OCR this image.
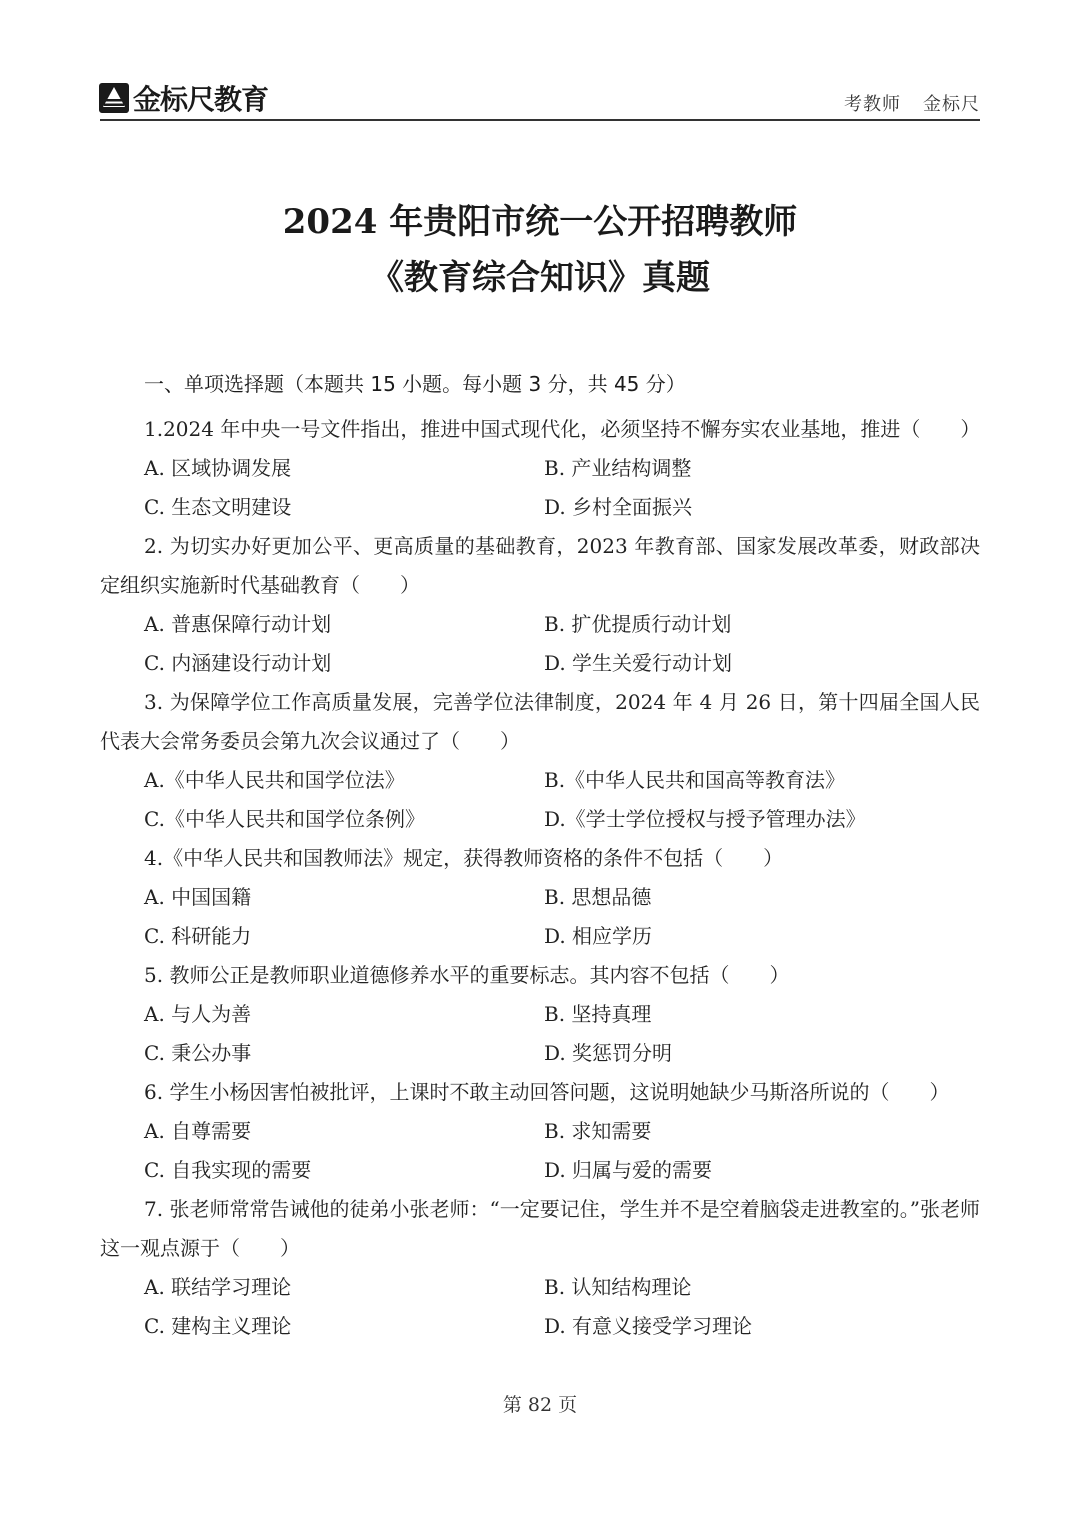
金标尺教育	考教师 金标尺
2024 年贵阳市统一公开招聘教师
《教育综合知识》真题
一、单项选择题（本题共 15 小题。每小题 3 分，共 45 分）
1.2024 年中央一号文件指出，推进中国式现代化，必须坚持不懈夯实农业基地，推进（　　）
A. 区域协调发展	B. 产业结构调整
C. 生态文明建设	D. 乡村全面振兴
2. 为切实办好更加公平、更高质量的基础教育，2023 年教育部、国家发展改革委，财政部决定组织实施新时代基础教育（　　）
A. 普惠保障行动计划	B. 扩优提质行动计划
C. 内涵建设行动计划	D. 学生关爱行动计划
3. 为保障学位工作高质量发展，完善学位法律制度，2024 年 4 月 26 日，第十四届全国人民代表大会常务委员会第九次会议通过了（　　）
A.《中华人民共和国学位法》	B.《中华人民共和国高等教育法》
C.《中华人民共和国学位条例》	D.《学士学位授权与授予管理办法》
4.《中华人民共和国教师法》规定，获得教师资格的条件不包括（　　）
A. 中国国籍	B. 思想品德
C. 科研能力	D. 相应学历
5. 教师公正是教师职业道德修养水平的重要标志。其内容不包括（　　）
A. 与人为善	B. 坚持真理
C. 秉公办事	D. 奖惩罚分明
6. 学生小杨因害怕被批评，上课时不敢主动回答问题，这说明她缺少马斯洛所说的（　　）
A. 自尊需要	B. 求知需要
C. 自我实现的需要	D. 归属与爱的需要
7. 张老师常常告诫他的徒弟小张老师：“一定要记住，学生并不是空着脑袋走进教室的。”张老师这一观点源于（　　）
A. 联结学习理论	B. 认知结构理论
C. 建构主义理论	D. 有意义接受学习理论
第 82 页
